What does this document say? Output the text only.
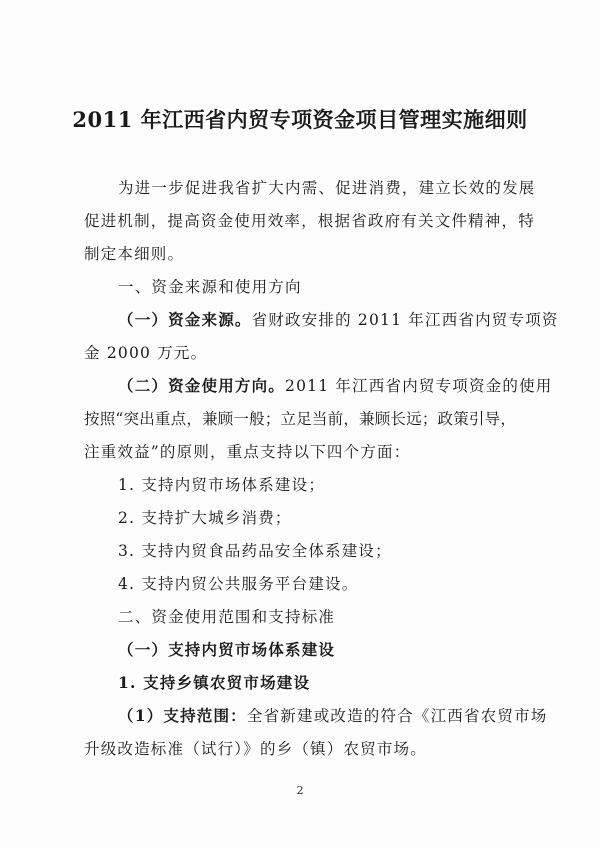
2011 年江西省内贸专项资金项目管理实施细则
为进一步促进我省扩大内需、促进消费，建立长效的发展
促进机制，提高资金使用效率，根据省政府有关文件精神，特
制定本细则。
一、资金来源和使用方向
（一）资金来源。省财政安排的 2011 年江西省内贸专项资
金 2000 万元。
（二）资金使用方向。2011 年江西省内贸专项资金的使用
按照“突出重点，兼顾一般；立足当前，兼顾长远；政策引导，
注重效益”的原则，重点支持以下四个方面：
1. 支持内贸市场体系建设；
2. 支持扩大城乡消费；
3. 支持内贸食品药品安全体系建设；
4. 支持内贸公共服务平台建设。
二、资金使用范围和支持标准
（一）支持内贸市场体系建设
1. 支持乡镇农贸市场建设
（1）支持范围：全省新建或改造的符合《江西省农贸市场
升级改造标准（试行）》的乡（镇）农贸市场。
2
